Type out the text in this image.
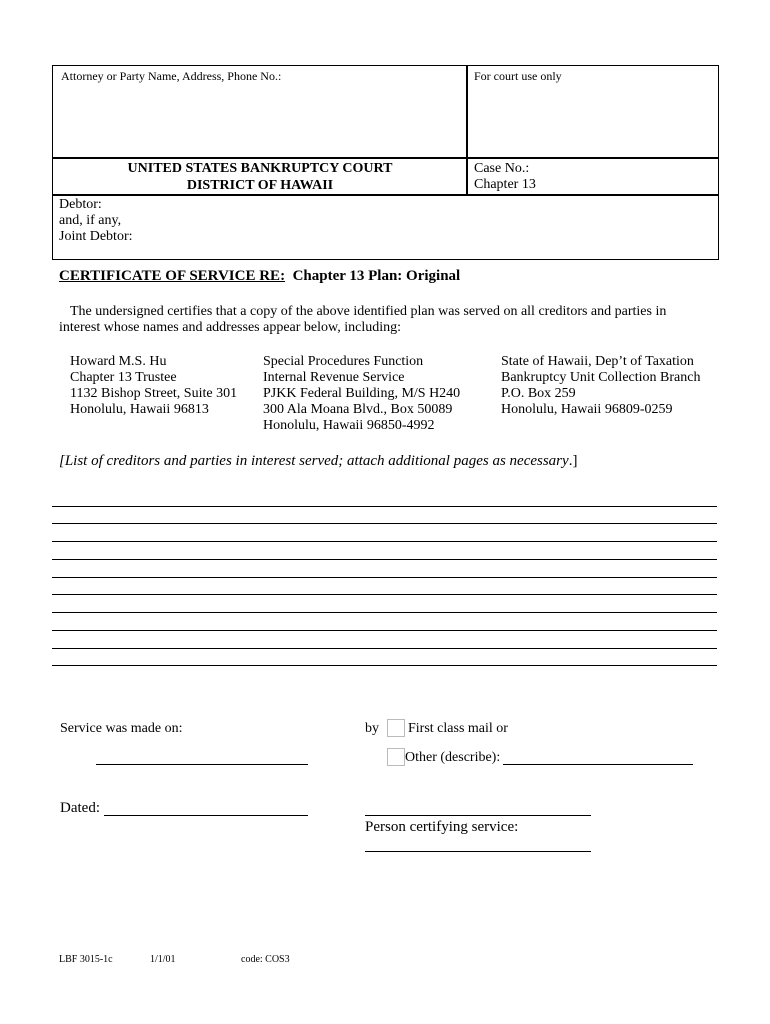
Attorney or Party Name, Address, Phone No.:	For court use only
UNITED STATES BANKRUPTCY COURT
DISTRICT OF HAWAII
Case No.:
Chapter 13
Debtor:
and, if any,
Joint Debtor:
CERTIFICATE OF SERVICE RE: Chapter 13 Plan: Original
The undersigned certifies that a copy of the above identified plan was served on all creditors and parties in
interest whose names and addresses appear below, including:
Howard M.S. Hu
Chapter 13 Trustee
1132 Bishop Street, Suite 301
Honolulu, Hawaii 96813
Special Procedures Function
Internal Revenue Service
PJKK Federal Building, M/S H240
300 Ala Moana Blvd., Box 50089
Honolulu, Hawaii 96850-4992
State of Hawaii, Dep’t of Taxation
Bankruptcy Unit Collection Branch
P.O. Box 259
Honolulu, Hawaii 96809-0259
[List of creditors and parties in interest served; attach additional pages as necessary.]
Service was made on:	by First class mail or
Other (describe):
Dated:
Person certifying service:
LBF 3015-1c	1/1/01	code: COS3
